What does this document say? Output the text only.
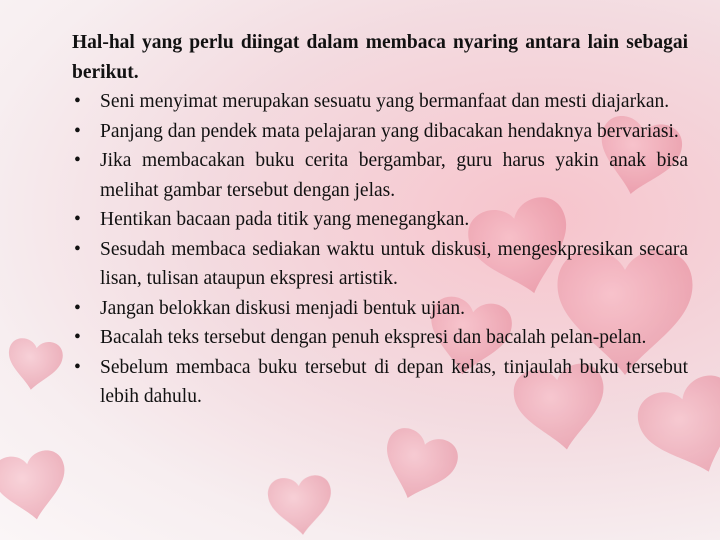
Hal-hal yang perlu diingat dalam membaca nyaring antara lain sebagai berikut.

• Seni menyimat merupakan sesuatu yang bermanfaat dan mesti diajarkan.
• Panjang dan pendek mata pelajaran yang dibacakan hendaknya bervariasi.
• Jika membacakan buku cerita bergambar, guru harus yakin anak bisa melihat gambar tersebut dengan jelas.
• Hentikan bacaan pada titik yang menegangkan.
• Sesudah membaca sediakan waktu untuk diskusi, mengeskpresikan secara lisan, tulisan ataupun ekspresi artistik.
• Jangan belokkan diskusi menjadi bentuk ujian.
• Bacalah teks tersebut dengan penuh ekspresi dan bacalah pelan-pelan.
• Sebelum membaca buku tersebut di depan kelas, tinjaulah buku tersebut lebih dahulu.
